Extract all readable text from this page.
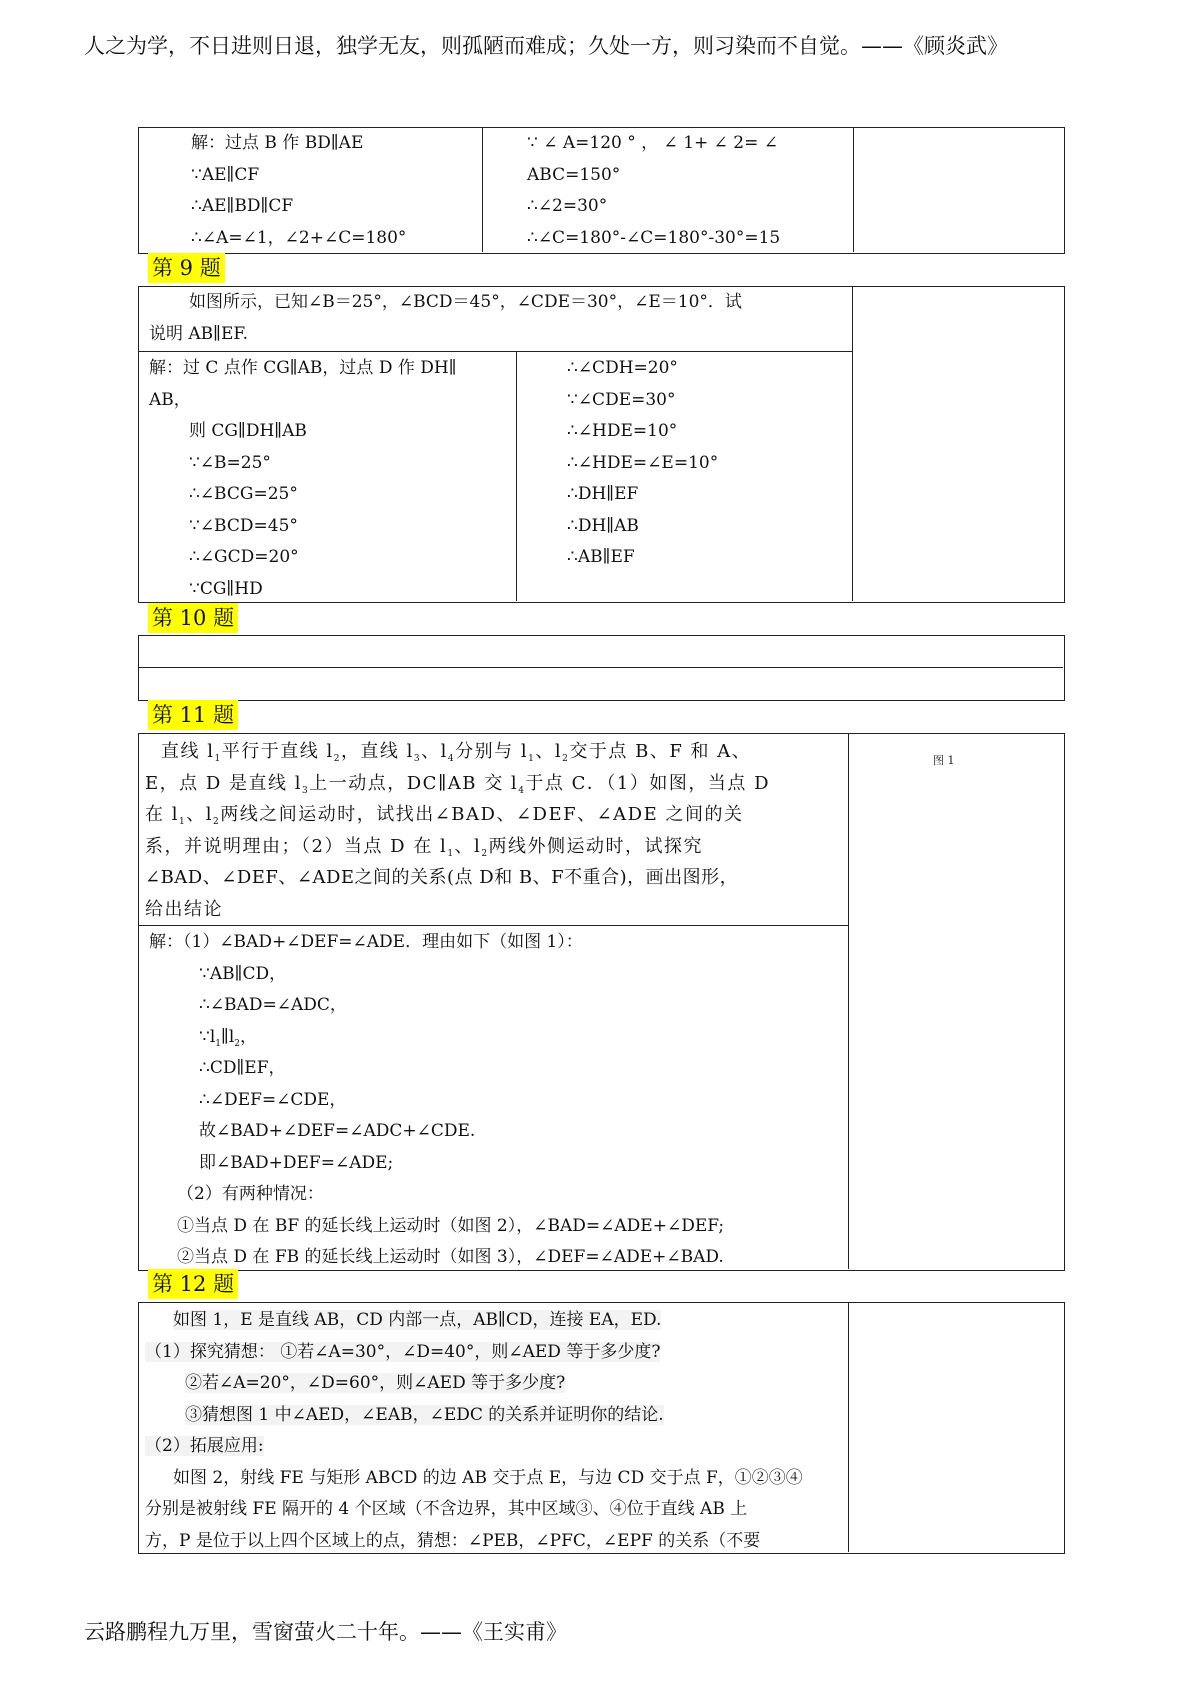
人之为学，不日进则日退，独学无友，则孤陋而难成；久处一方，则习染而不自觉。——《顾炎武》
云路鹏程九万里，雪窗萤火二十年。——《王实甫》
解：过点 B 作 BD∥AE
∵AE∥CF
∴AE∥BD∥CF
∴∠A=∠1，∠2+∠C=180°
∵ ∠ A=120 ° ， ∠ 1+ ∠ 2= ∠
ABC=150°
∴∠2=30°
∴∠C=180°-∠C=180°-30°=15
第 9 题
如图所示，已知∠B＝25°，∠BCD＝45°，∠CDE＝30°，∠E＝10°．试
说明 AB∥EF.
解：过 C 点作 CG∥AB，过点 D 作 DH∥
AB，
则 CG∥DH∥AB
∵∠B=25°
∴∠BCG=25°
∵∠BCD=45°
∴∠GCD=20°
∵CG∥HD
∴∠CDH=20°
∵∠CDE=30°
∴∠HDE=10°
∴∠HDE=∠E=10°
∴DH∥EF
∴DH∥AB
∴AB∥EF
第 10 题
第 11 题
图 1
直线 $l_1$平行于直线 $l_2$，直线 $l_3$、$l_4$分别与 $l_1$、$l_2$交于点 B、F 和 A、
E，点 D 是直线 $l_3$上一动点，DC∥AB 交 $l_4$于点 C．（1）如图，当点 D
在 $l_1$、$l_2$两线之间运动时，试找出∠BAD、∠DEF、∠ADE 之间的关
系，并说明理由；（2）当点 D 在 $l_1$、$l_2$两线外侧运动时，试探究
∠BAD、∠DEF、∠ADE之间的关系(点 D和 B、F不重合)，画出图形，
给出结论
解：（1）∠BAD+∠DEF=∠ADE．理由如下（如图 1）：
∵AB∥CD，
∴∠BAD=∠ADC，
$\because l_1\parallel l_2$，
∴CD∥EF，
∴∠DEF=∠CDE，
故∠BAD+∠DEF=∠ADC+∠CDE.
即∠BAD+DEF=∠ADE;
（2）有两种情况：
①当点 D 在 BF 的延长线上运动时（如图 2），∠BAD=∠ADE+∠DEF;
②当点 D 在 FB 的延长线上运动时（如图 3），∠DEF=∠ADE+∠BAD.
第 12 题
如图 1，E 是直线 AB，CD 内部一点，AB∥CD，连接 EA，ED.
（1）探究猜想： ①若∠A=30°，∠D=40°，则∠AED 等于多少度?
②若∠A=20°，∠D=60°，则∠AED 等于多少度?
③猜想图 1 中∠AED，∠EAB，∠EDC 的关系并证明你的结论.
（2）拓展应用:
如图 2，射线 FE 与矩形 ABCD 的边 AB 交于点 E，与边 CD 交于点 F，①②③④
分别是被射线 FE 隔开的 4 个区域（不含边界，其中区域③、④位于直线 AB 上
方，P 是位于以上四个区域上的点，猜想：∠PEB，∠PFC，∠EPF 的关系（不要
